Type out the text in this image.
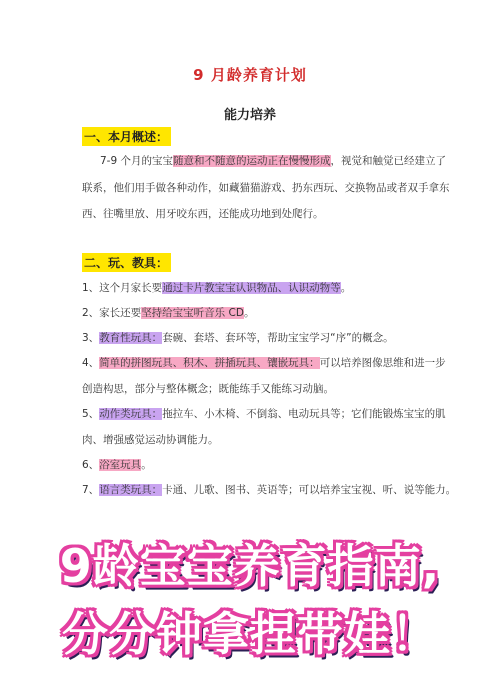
9 月龄养育计划
能力培养
一、本月概述：
7-9 个月的宝宝随意和不随意的运动正在慢慢形成，视觉和触觉已经建立了
联系，他们用手做各种动作，如藏猫猫游戏、扔东西玩、交换物品或者双手拿东
西、往嘴里放、用牙咬东西，还能成功地到处爬行。
二、玩、教具：
1、这个月家长要通过卡片教宝宝认识物品、认识动物等。
2、家长还要坚持给宝宝听音乐 CD。
3、教育性玩具：套碗、套塔、套环等，帮助宝宝学习“序”的概念。
4、简单的拼图玩具、积木、拼插玩具、镶嵌玩具：可以培养图像思维和进一步
创造构思，部分与整体概念；既能练手又能练习动脑。
5、动作类玩具：拖拉车、小木椅、不倒翁、电动玩具等；它们能锻炼宝宝的肌
肉、增强感觉运动协调能力。
6、浴室玩具。
7、语言类玩具：卡通、儿歌、图书、英语等；可以培养宝宝视、听、说等能力。
9龄宝宝养育指南,
分分钟拿捏带娃！
